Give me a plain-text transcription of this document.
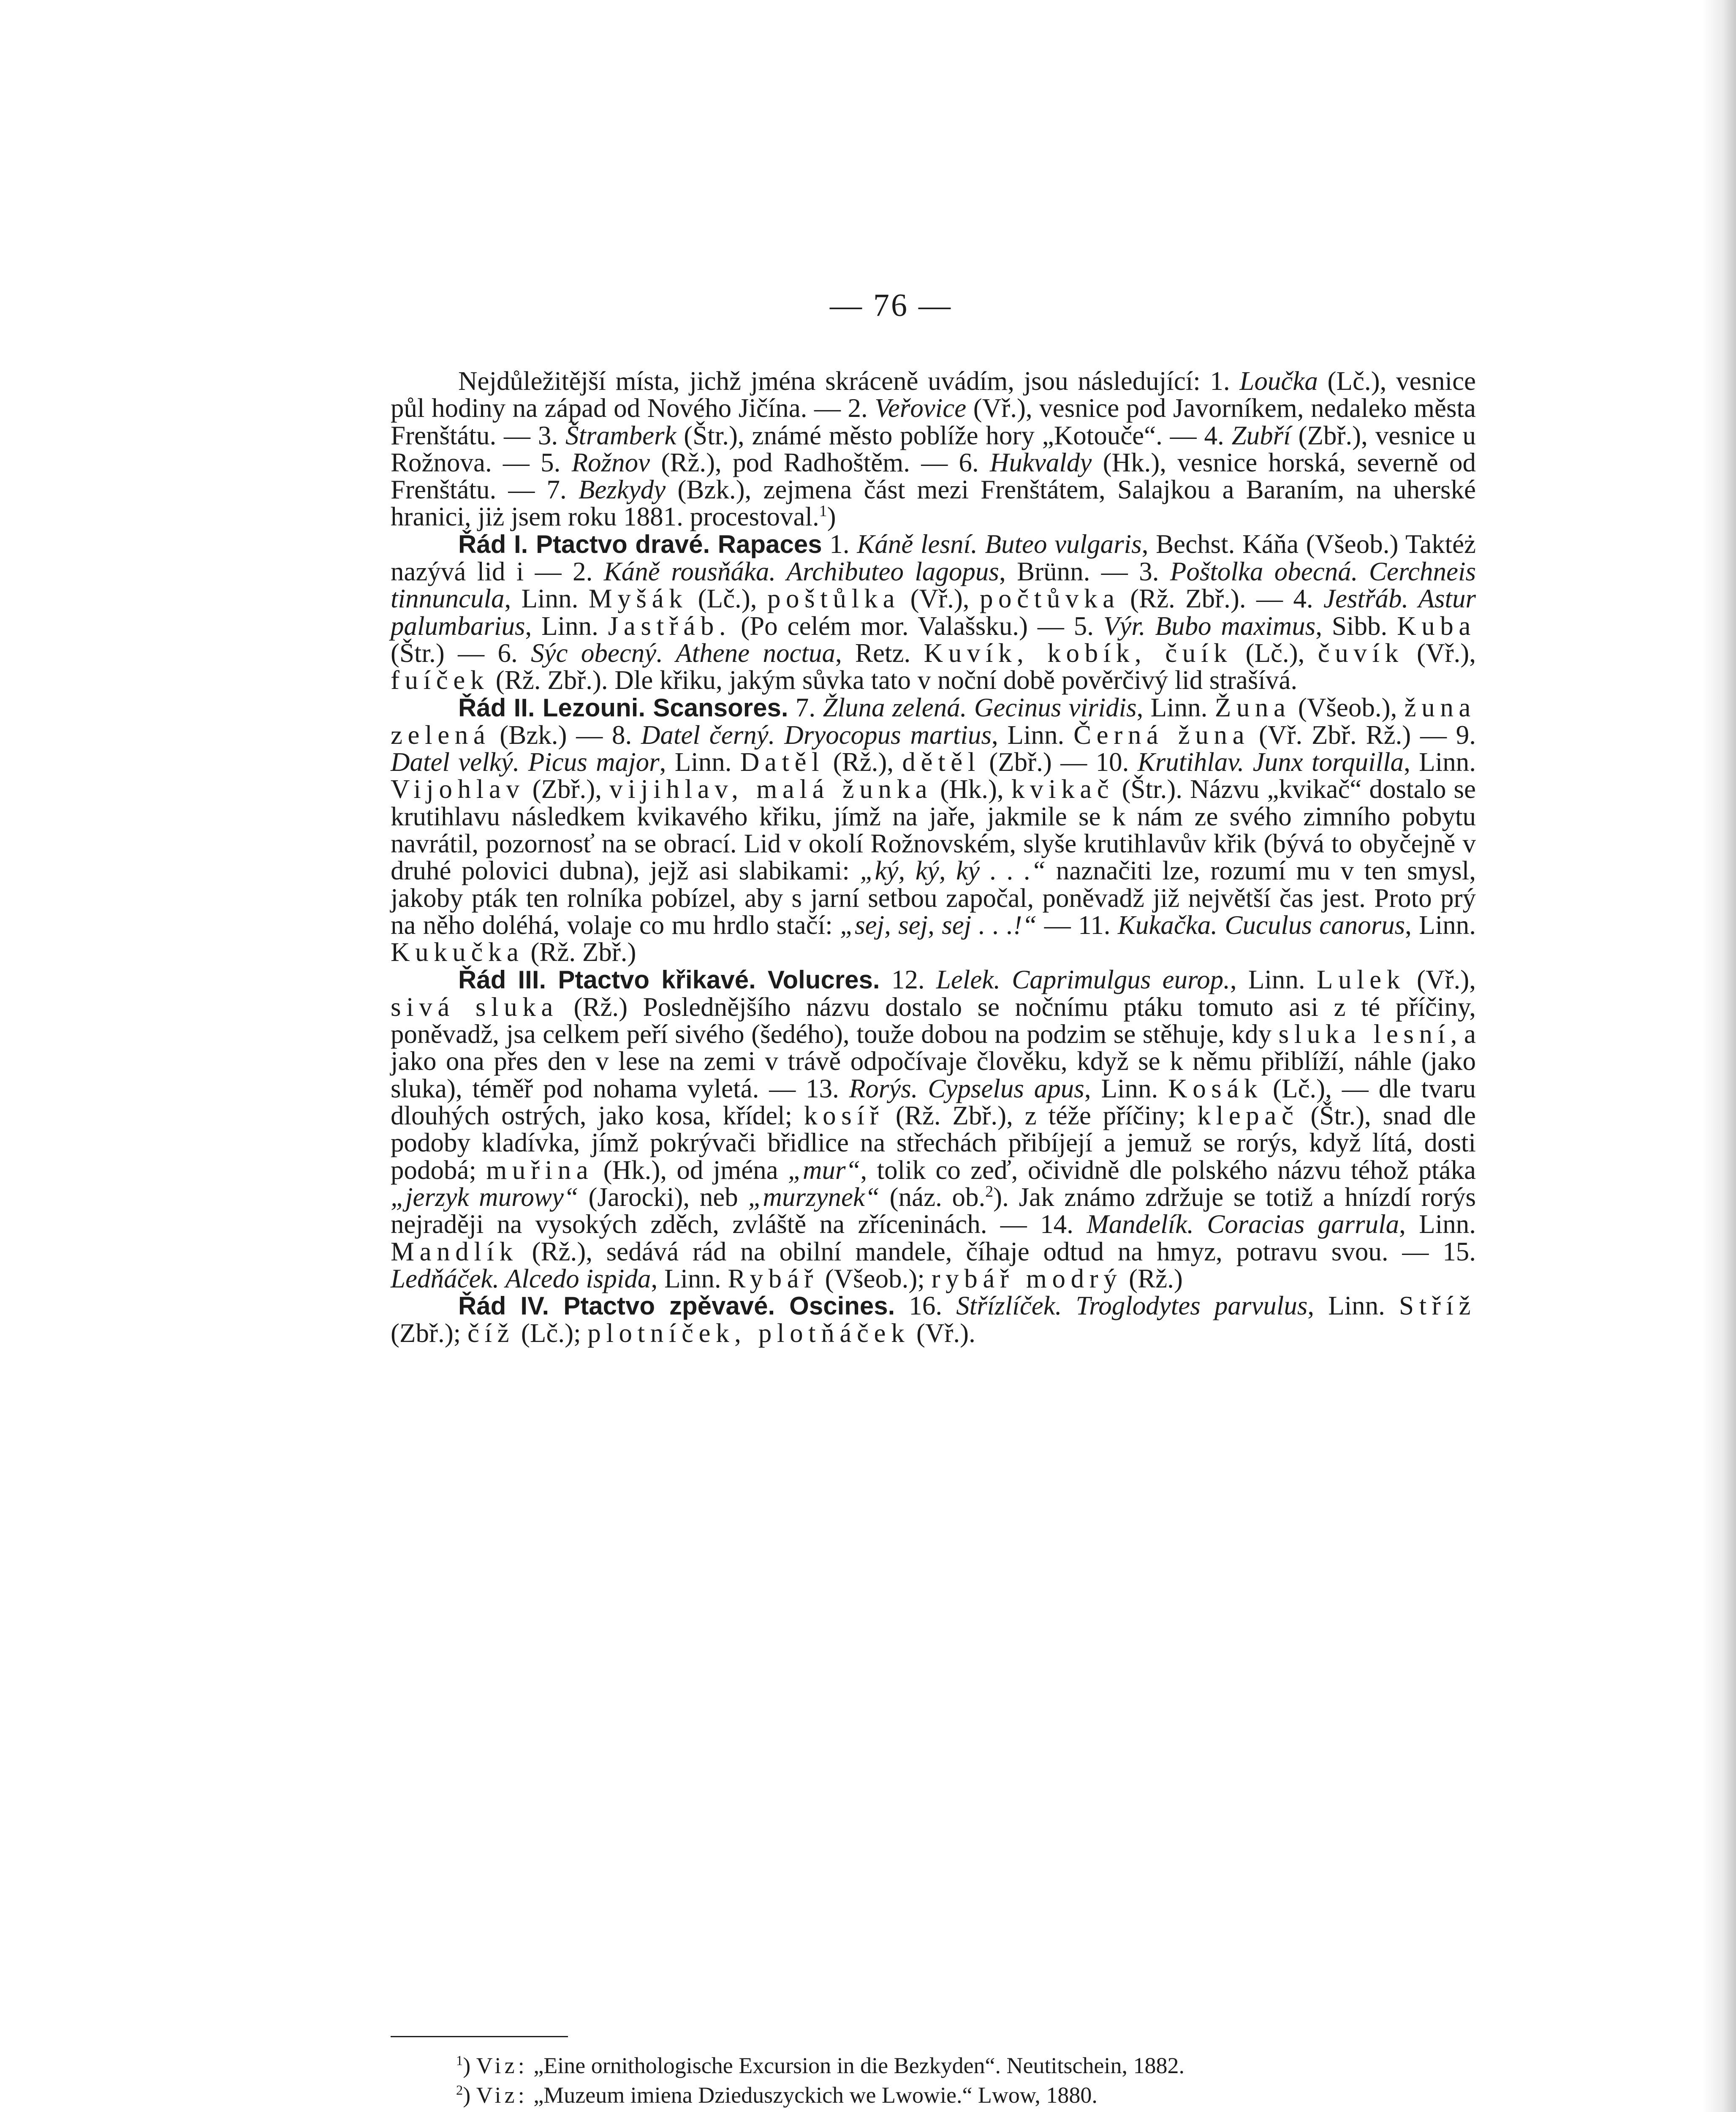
— 76 —

Nejdůležitější místa, jichž jména skráceně uvádím, jsou následující: 1. Loučka (Lč.), vesnice půl hodiny na západ od Nového Jičína. — 2. Veřovice (Vř.), vesnice pod Javorníkem, nedaleko města Frenštátu. — 3. Štramberk (Štr.), známé město poblíže hory „Kotouče“. — 4. Zubří (Zbř.), vesnice u Rožnova. — 5. Rožnov (Rž.), pod Radhoštěm. — 6. Hukvaldy (Hk.), vesnice horská, severně od Frenštátu. — 7. Bezkydy (Bzk.), zejmena část mezi Frenštátem, Salajkou a Baraním, na uherské hranici, jiż jsem roku 1881. procestoval.$^1$)

Řád I. Ptactvo dravé. Rapaces 1. Káně lesní. Buteo vulgaris, Bechst. Káňa (Všeob.) Taktéż nazývá lid i — 2. Káně rousňáka. Archibuteo lagopus, Brünn. — 3. Poštolka obecná. Cerchneis tinnuncula, Linn. Myšák (Lč.), poštůlka (Vř.), počtůvka (Rž. Zbř.). — 4. Jestřáb. Astur palumbarius, Linn. Jastřáb. (Po celém mor. Valašsku.) — 5. Výr. Bubo maximus, Sibb. Kuba (Štr.) — 6. Sýc obecný. Athene noctua, Retz. Kuvík, kobík, čuík (Lč.), čuvík (Vř.), fuíček (Rž. Zbř.). Dle křiku, jakým sůvka tato v noční době pověrčivý lid strašívá.

Řád II. Lezouni. Scansores. 7. Žluna zelená. Gecinus viridis, Linn. Žuna (Všeob.), žuna zelená (Bzk.) — 8. Datel černý. Dryocopus martius, Linn. Černá žuna (Vř. Zbř. Rž.) — 9. Datel velký. Picus major, Linn. Datěl (Rž.), dětěl (Zbř.) — 10. Krutihlav. Junx torquilla, Linn. Vijohlav (Zbř.), vijihlav, malá žunka (Hk.), kvikač (Štr.). Názvu „kvikač“ dostalo se krutihlavu následkem kvikavého křiku, jímž na jaře, jakmile se k nám ze svého zimního pobytu navrátil, pozornosť na se obrací. Lid v okolí Rožnovském, slyše krutihlavův křik (bývá to obyčejně v druhé polovici dubna), jejž asi slabikami: „ký, ký, ký . . .“ naznačiti lze, rozumí mu v ten smysl, jakoby pták ten rolníka pobízel, aby s jarní setbou započal, poněvadž již největší čas jest. Proto prý na něho doléhá, volaje co mu hrdlo stačí: „sej, sej, sej . . .!“ — 11. Kukačka. Cuculus canorus, Linn. Kukučka (Rž. Zbř.)

Řád III. Ptactvo křikavé. Volucres. 12. Lelek. Caprimulgus europ., Linn. Lulek (Vř.), sivá sluka (Rž.) Poslednějšího názvu dostalo se nočnímu ptáku tomuto asi z té příčiny, poněvadž, jsa celkem peří sivého (šedého), touže dobou na podzim se stěhuje, kdy sluka lesní, a jako ona přes den v lese na zemi v trávě odpočívaje člověku, když se k němu přiblíží, náhle (jako sluka), téměř pod nohama vyletá. — 13. Rorýs. Cypselus apus, Linn. Kosák (Lč.), — dle tvaru dlouhých ostrých, jako kosa, křídel; kosíř (Rž. Zbř.), z téže příčiny; klepač (Štr.), snad dle podoby kladívka, jímž pokrývači břidlice na střechách přibíjejí a jemuž se rorýs, když lítá, dosti podobá; muřina (Hk.), od jména „mur“, tolik co zeď, očividně dle polského názvu téhož ptáka „jerzyk murowy“ (Jarocki), neb „murzynek“ (náz. ob.$^2$). Jak známo zdržuje se totiž a hnízdí rorýs nejraději na vysokých zděch, zvláště na zříceninách. — 14. Mandelík. Coracias garrula, Linn. Mandlík (Rž.), sedává rád na obilní mandele, číhaje odtud na hmyz, potravu svou. — 15. Ledňáček. Alcedo ispida, Linn. Rybář (Všeob.); rybář modrý (Rž.)

Řád IV. Ptactvo zpěvavé. Oscines. 16. Střízlíček. Troglodytes parvulus, Linn. Stříž (Zbř.); číž (Lč.); plotníček, plotňáček (Vř.).

$^1$) Viz: „Eine ornithologische Excursion in die Bezkyden“. Neutitschein, 1882.
$^2$) Viz: „Muzeum imiena Dzieduszyckich we Lwowie.“ Lwow, 1880.
